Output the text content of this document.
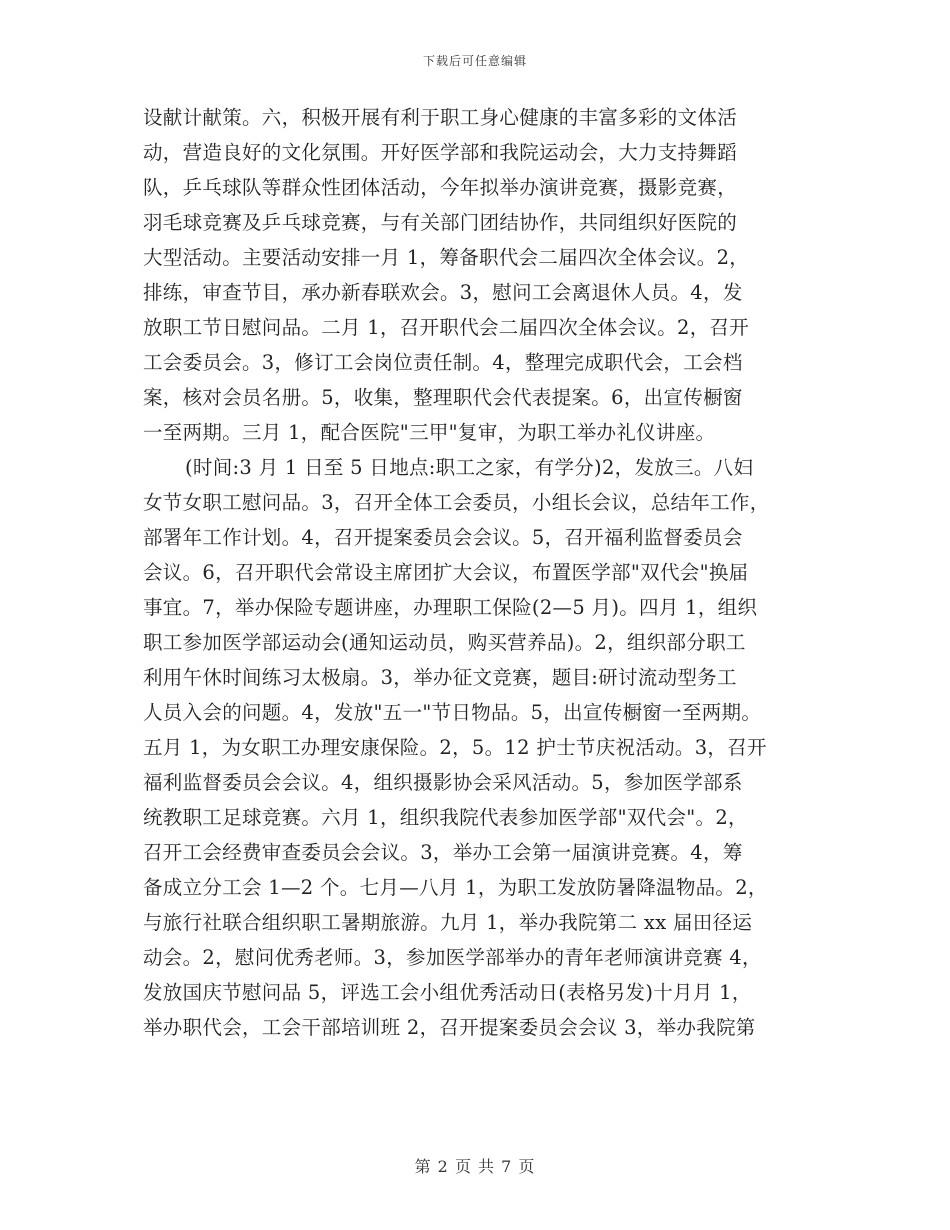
下载后可任意编辑
设献计献策。六，积极开展有利于职工身心健康的丰富多彩的文体活
动，营造良好的文化氛围。开好医学部和我院运动会，大力支持舞蹈
队，乒乓球队等群众性团体活动，今年拟举办演讲竞赛，摄影竞赛，
羽毛球竞赛及乒乓球竞赛，与有关部门团结协作，共同组织好医院的
大型活动。主要活动安排一月 1，筹备职代会二届四次全体会议。2，
排练，审查节目，承办新春联欢会。3，慰问工会离退休人员。4，发
放职工节日慰问品。二月 1，召开职代会二届四次全体会议。2，召开
工会委员会。3，修订工会岗位责任制。4，整理完成职代会，工会档
案，核对会员名册。5，收集，整理职代会代表提案。6，出宣传橱窗
一至两期。三月 1，配合医院"三甲"复审，为职工举办礼仪讲座。
(时间:3 月 1 日至 5 日地点:职工之家，有学分)2，发放三。八妇
女节女职工慰问品。3，召开全体工会委员，小组长会议，总结年工作，
部署年工作计划。4，召开提案委员会会议。5，召开福利监督委员会
会议。6，召开职代会常设主席团扩大会议，布置医学部"双代会"换届
事宜。7，举办保险专题讲座，办理职工保险(2—5 月)。四月 1，组织
职工参加医学部运动会(通知运动员，购买营养品)。2，组织部分职工
利用午休时间练习太极扇。3，举办征文竞赛，题目:研讨流动型务工
人员入会的问题。4，发放"五一"节日物品。5，出宣传橱窗一至两期。
五月 1，为女职工办理安康保险。2，5。12 护士节庆祝活动。3，召开
福利监督委员会会议。4，组织摄影协会采风活动。5，参加医学部系
统教职工足球竞赛。六月 1，组织我院代表参加医学部"双代会"。2，
召开工会经费审查委员会会议。3，举办工会第一届演讲竞赛。4，筹
备成立分工会 1—2 个。七月—八月 1，为职工发放防暑降温物品。2，
与旅行社联合组织职工暑期旅游。九月 1，举办我院第二 xx 届田径运
动会。2，慰问优秀老师。3，参加医学部举办的青年老师演讲竞赛 4，
发放国庆节慰问品 5，评选工会小组优秀活动日(表格另发)十月月 1，
举办职代会，工会干部培训班 2，召开提案委员会会议 3，举办我院第
第 2 页 共 7 页
